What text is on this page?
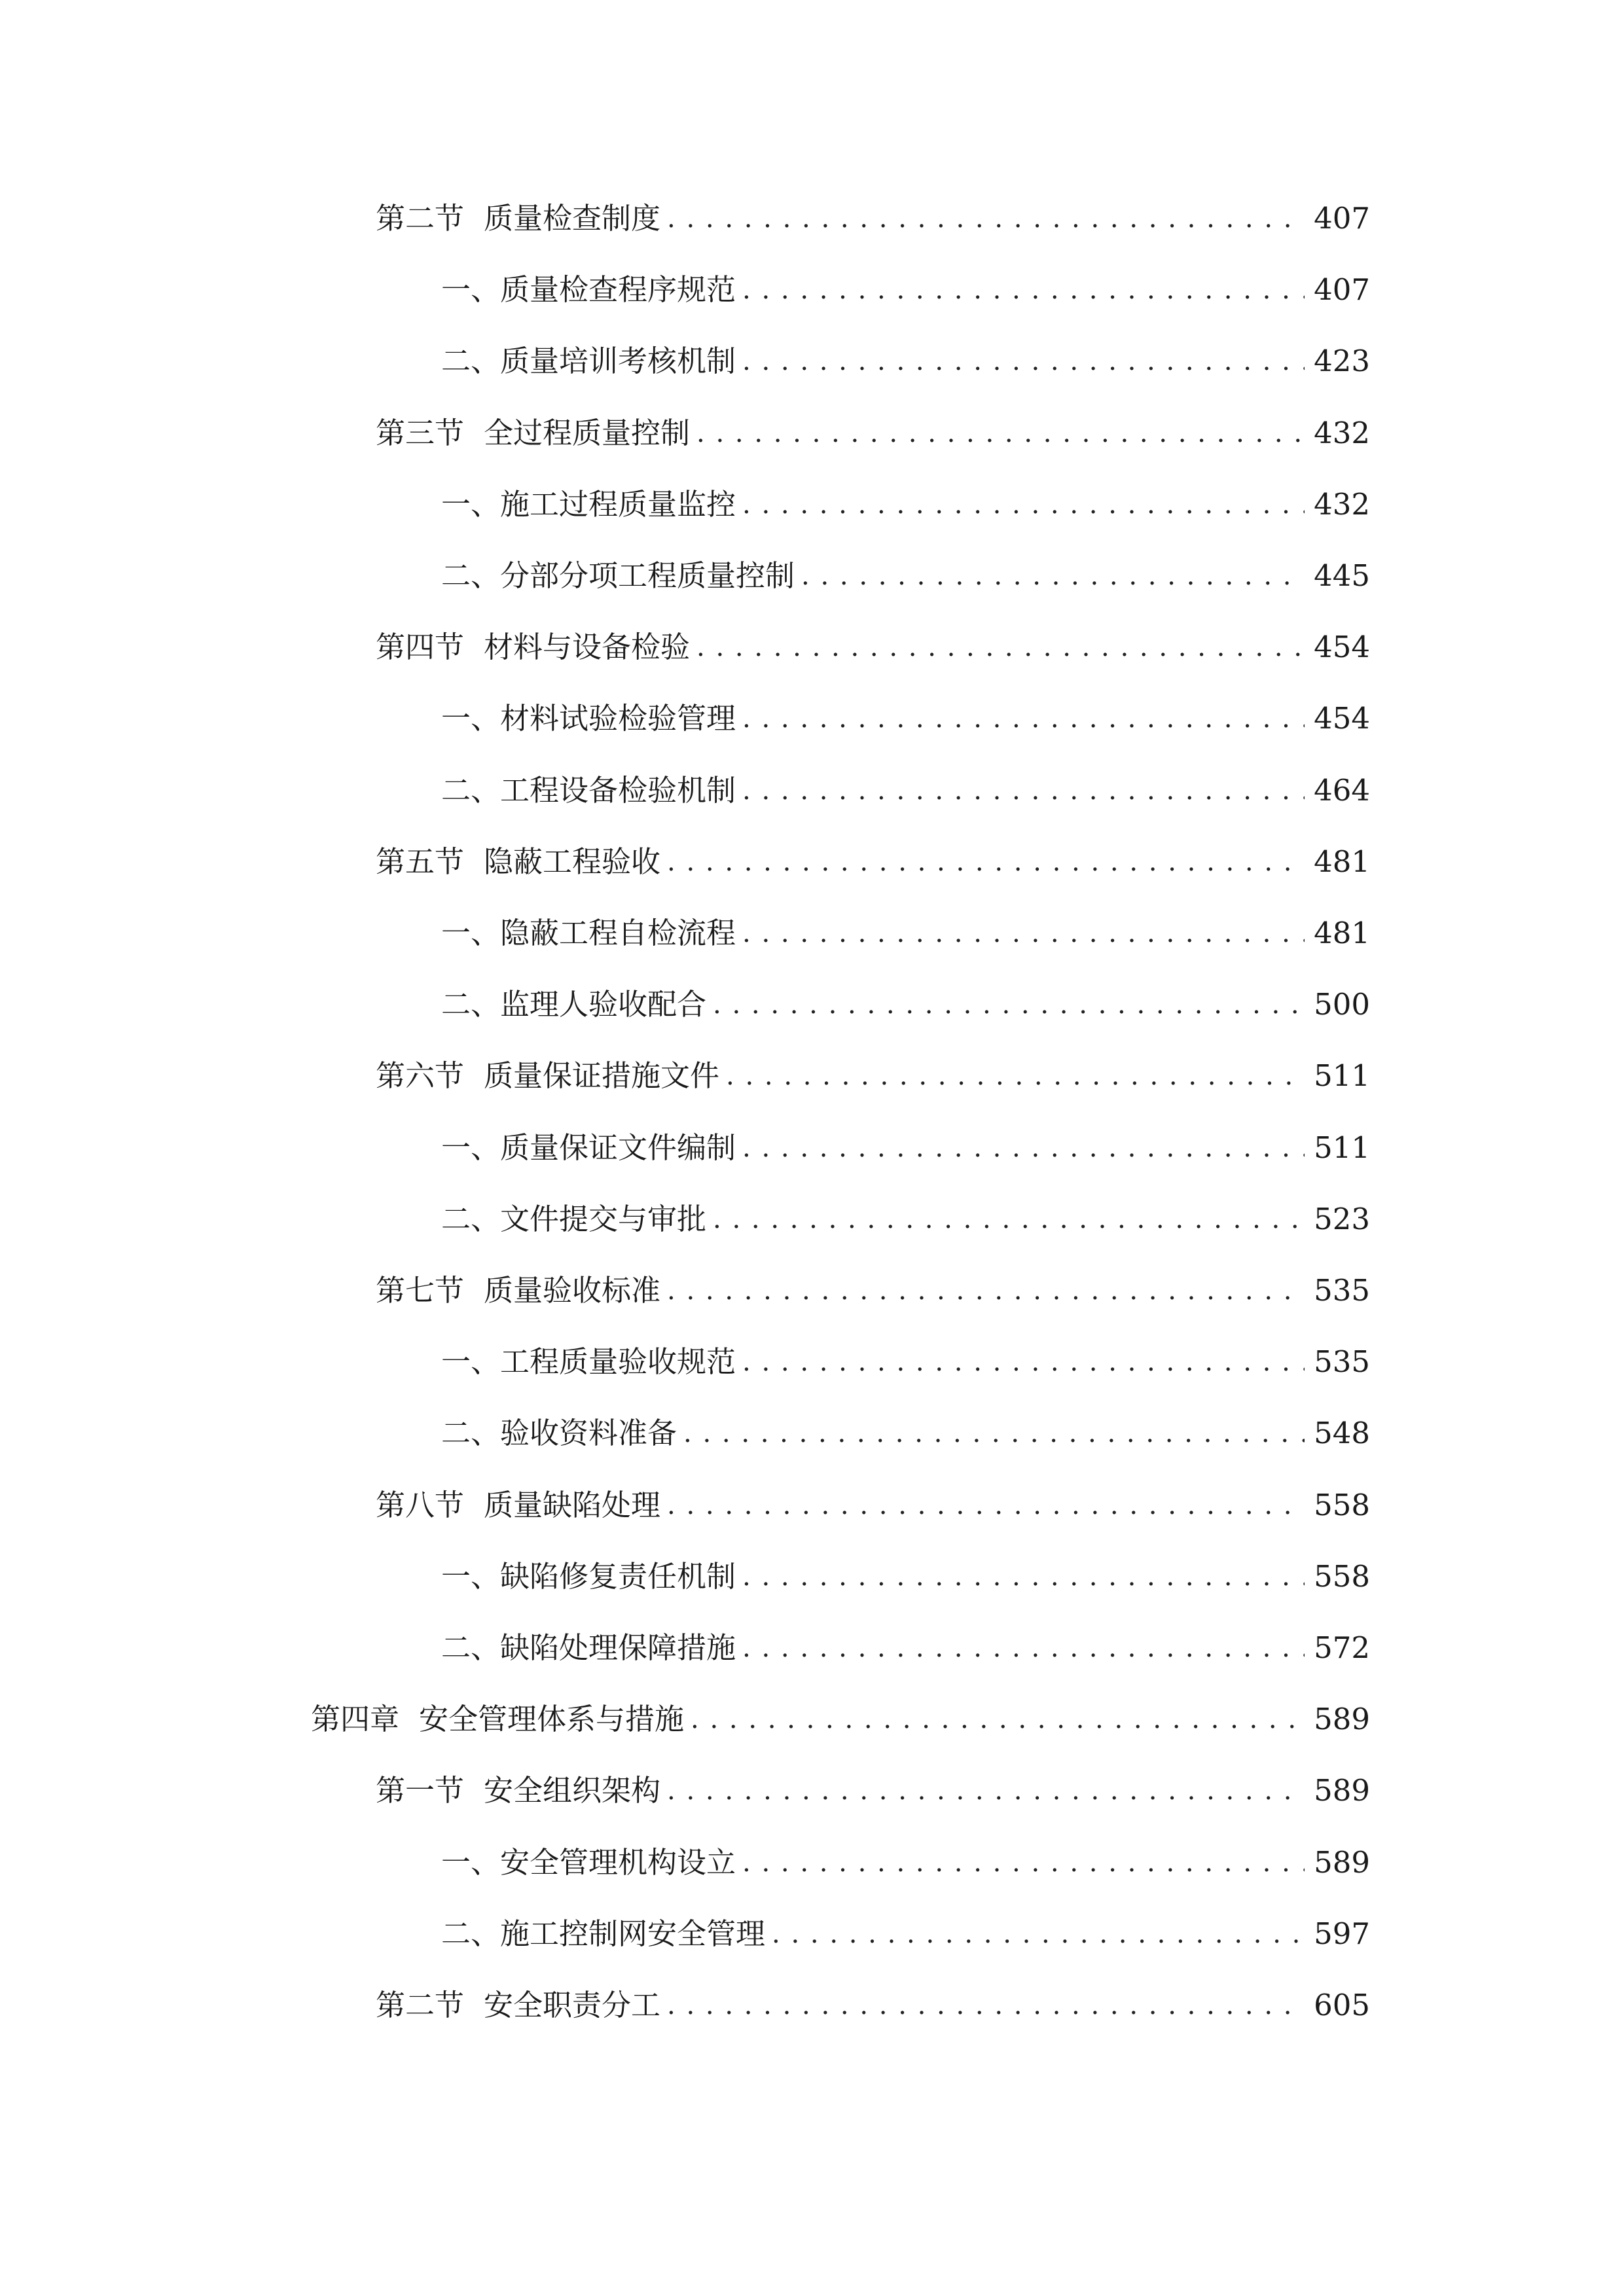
第二节 质量检查制度 . . .	407
一、 质量检查程序规范 . . .	407
二、 质量培训考核机制 . . .	423
第三节 全过程质量控制 . . .	432
一、 施工过程质量监控 . . .	432
二、 分部分项工程质量控制 . . .	445
第四节 材料与设备检验 . . .	454
一、 材料试验检验管理 . . .	454
二、 工程设备检验机制 . . .	464
第五节 隐蔽工程验收 . . .	481
一、 隐蔽工程自检流程 . . .	481
二、 监理人验收配合 . . .	500
第六节 质量保证措施文件 . . .	511
一、 质量保证文件编制 . . .	511
二、 文件提交与审批 . . .	523
第七节 质量验收标准 . . .	535
一、 工程质量验收规范 . . .	535
二、 验收资料准备 . . .	548
第八节 质量缺陷处理 . . .	558
一、 缺陷修复责任机制 . . .	558
二、 缺陷处理保障措施 . . .	572
第四章 安全管理体系与措施 . . .	589
第一节 安全组织架构 . . .	589
一、 安全管理机构设立 . . .	589
二、 施工控制网安全管理 . . .	597
第二节 安全职责分工 . . .	605
